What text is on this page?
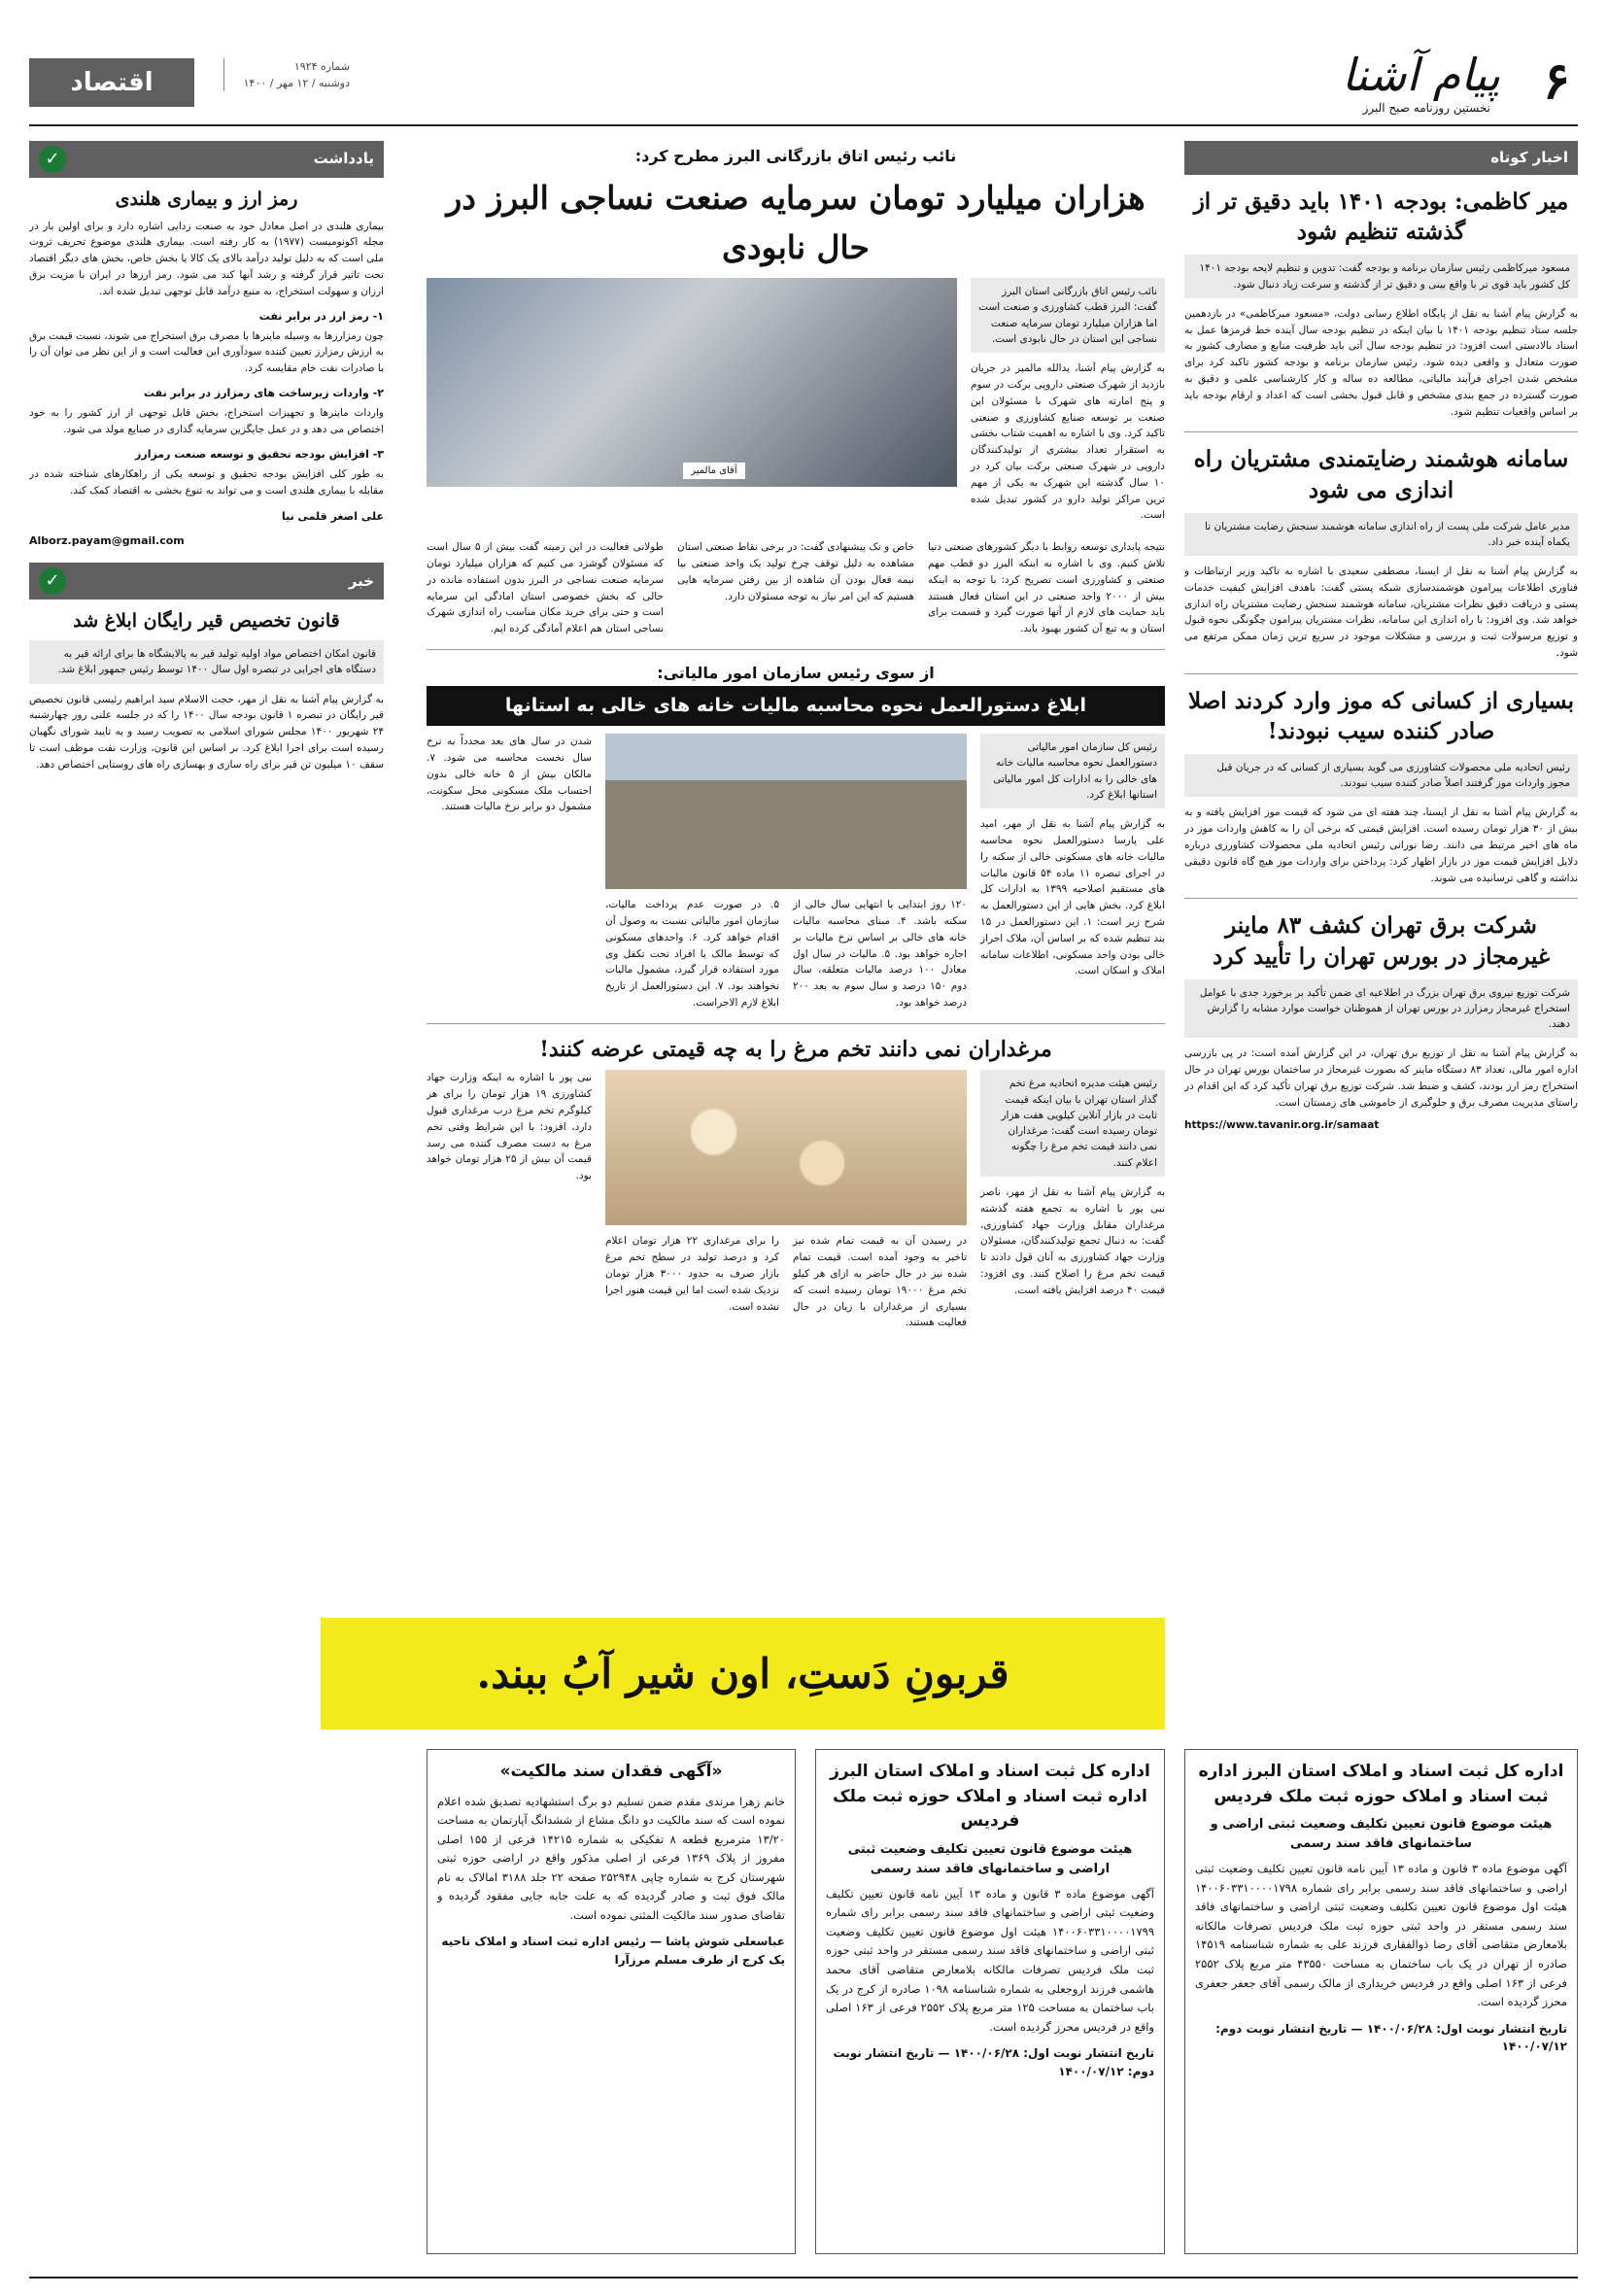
۶
پیام آشنا
نخستین روزنامه صبح البرز
شماره ۱۹۲۴
دوشنبه / ۱۲ مهر / ۱۴۰۰
اقتصاد
اخبار کوتاه
میر کاظمی: بودجه ۱۴۰۱ باید دقیق تر از گذشته تنظیم شود
مسعود میرکاظمی رئیس سازمان برنامه و بودجه گفت: تدوین و تنظیم لایحه بودجه ۱۴۰۱ کل کشور باید قوی تر با واقع بینی و دقیق تر از گذشته و سرعت زیاد دنبال شود.
به گزارش پیام آشنا به نقل از پایگاه اطلاع رسانی دولت، «مسعود میرکاظمی» در بازدهمین جلسه ستاد تنظیم بودجه ۱۴۰۱ با بیان اینکه در تنظیم بودجه سال آینده خط قرمزها عمل به اسناد بالادستی است افزود: در تنظیم بودجه سال آتی باید ظرفیت منابع و مصارف کشور به صورت متعادل و واقعی دیده شود. رئیس سازمان برنامه و بودجه کشور تاکید کرد برای مشخص شدن اجرای فرآیند مالیاتی، مطالعه ده ساله و کار کارشناسی علمی و دقیق به صورت گسترده در جمع بندی مشخص و قابل قبول بخشی است که اعداد و ارقام بودجه باید بر اساس واقعیات تنظیم شود.
سامانه هوشمند رضایتمندی مشتریان راه اندازی می شود
مدیر عامل شرکت ملی پست از راه اندازی سامانه هوشمند سنجش رضایت مشتریان تا یکماه آینده خبر داد.
به گزارش پیام آشنا به نقل از ایسنا، مصطفی سعیدی با اشاره به تاکید وزیر ارتباطات و فناوری اطلاعات پیرامون هوشمندسازی شبکه پستی گفت: باهدف افزایش کیفیت خدمات پستی و دریافت دقیق نظرات مشتریان، سامانه هوشمند سنجش رضایت مشتریان راه اندازی خواهد شد. وی افزود: با راه اندازی این سامانه، نظرات مشتریان پیرامون چگونگی نحوه قبول و توزیع مرسولات ثبت و بررسی و مشکلات موجود در سریع ترین زمان ممکن مرتفع می شود.
بسیاری از کسانی که موز وارد کردند اصلا صادر کننده سیب نبودند!
رئیس اتحادیه ملی محصولات کشاورزی می گوید بسیاری از کسانی که در جریان قبل مجوز واردات موز گرفتند اصلاً صادر کننده سیب نبودند.
به گزارش پیام آشنا به نقل از ایسنا، چند هفته ای می شود که قیمت موز افزایش یافته و به بیش از ۳۰ هزار تومان رسیده است. افزایش قیمتی که برخی آن را به کاهش واردات موز در ماه های اخیر مرتبط می دانند. رضا نورانی رئیس اتحادیه ملی محصولات کشاورزی درباره دلایل افزایش قیمت موز در بازار اظهار کرد: پرداختن برای واردات موز هیچ گاه قانون دقیقی نداشته و گاهی ترسانیده می شوند.
شرکت برق تهران کشف ۸۳ ماینر غیرمجاز در بورس تهران را تأیید کرد
شرکت توزیع نیروی برق تهران بزرگ در اطلاعیه ای ضمن تأکید بر برخورد جدی با عوامل استخراج غیرمجاز رمزارز در بورس تهران از هموطنان خواست موارد مشابه را گزارش دهند.
به گزارش پیام آشنا به نقل از توزیع برق تهران، در این گزارش آمده است: در پی بازرسی اداره امور مالی، تعداد ۸۳ دستگاه ماینر که بصورت غیرمجاز در ساختمان بورس تهران در حال استخراج رمز ارز بودند، کشف و ضبط شد. شرکت توزیع برق تهران تأکید کرد که این اقدام در راستای مدیریت مصرف برق و جلوگیری از خاموشی های زمستان است.
https://www.tavanir.org.ir/samaat
نائب رئیس اتاق بازرگانی البرز مطرح کرد:
هزاران میلیارد تومان سرمایه صنعت نساجی البرز در حال نابودی
نائب رئیس اتاق بازرگانی استان البرز گفت: البرز قطب کشاورزی و صنعت است اما هزاران میلیارد تومان سرمایه صنعت نساجی این استان در حال نابودی است.
به گزارش پیام آشنا، یدالله مالمیر در جریان بازدید از شهرک صنعتی داروپی برکت در سوم و پنج امارته های شهرک با مسئولان این صنعت بر توسعه صنایع کشاورزی و صنعتی تاکید کرد. وی با اشاره به اهمیت شتاب بخشی به استقرار تعداد بیشتری از تولیدکنندگان دارویی در شهرک صنعتی برکت بیان کرد در ۱۰ سال گذشته این شهرک به یکی از مهم ترین مراکز تولید دارو در کشور تبدیل شده است.
آقای مالمیر
نتیجه پایداری توسعه روابط با دیگر کشورهای صنعتی دنیا تلاش کنیم. وی با اشاره به اینکه البرز دو قطب مهم صنعتی و کشاورزی است تصریح کرد: با توجه به اینکه بیش از ۲۰۰۰ واحد صنعتی در این استان فعال هستند باید حمایت های لازم از آنها صورت گیرد و قسمت برای استان و به تبع آن کشور بهبود یابد.
خاص و نک پیشنهادی گفت: در برخی نقاط صنعتی استان مشاهده به دلیل توقف چرخ تولید یک واحد صنعتی بیا نیمه فعال بودن آن شاهده از بین رفتن سرمایه هایی هستیم که این امر نیاز به توجه مسئولان دارد.
طولانی فعالیت در این زمینه گفت بیش از ۵ سال است که مسئولان گوشزد می کنیم که هزاران میلیارد تومان سرمایه صنعت نساجی در البرز بدون استفاده مانده در حالی که بخش خصوصی استان امادگی این سرمایه است و حتی برای خرید مکان مناسب راه اندازی شهرک نساجی استان هم اعلام آمادگی کرده ایم.
از سوی رئیس سازمان امور مالیاتی:
ابلاغ دستورالعمل نحوه محاسبه مالیات خانه های خالی به استانها
رئیس کل سازمان امور مالیاتی دستورالعمل نحوه محاسبه مالیات خانه های خالی را به ادارات کل امور مالیاتی استانها ابلاغ کرد.
به گزارش پیام آشنا به نقل از مهر، امید علی پارسا دستورالعمل نحوه محاسبه مالیات خانه های مسکونی خالی از سکنه را در اجرای تبصره ۱۱ ماده ۵۴ قانون مالیات های مستقیم اصلاحیه ۱۳۹۹ به ادارات کل ابلاغ کرد. بخش هایی از این دستورالعمل به شرح زیر است: ۱. این دستورالعمل در ۱۵ بند تنظیم شده که بر اساس آن، ملاک احراز خالی بودن واحد مسکونی، اطلاعات سامانه املاک و اسکان است.
۱۲۰ روز ابتدایی یا انتهایی سال خالی از سکنه باشد. ۴. مبنای محاسبه مالیات خانه های خالی بر اساس نرخ مالیات بر اجاره خواهد بود. ۵. مالیات در سال اول معادل ۱۰۰ درصد مالیات متعلقه، سال دوم ۱۵۰ درصد و سال سوم به بعد ۲۰۰ درصد خواهد بود.
۵. در صورت عدم پرداخت مالیات، سازمان امور مالیاتی نسبت به وصول آن اقدام خواهد کرد. ۶. واحدهای مسکونی که توسط مالک یا افراد تحت تکفل وی مورد استفاده قرار گیرد، مشمول مالیات نخواهند بود. ۷. این دستورالعمل از تاریخ ابلاغ لازم الاجراست.
شدن در سال های بعد مجدداً به نرخ سال نخست محاسبه می شود. ۷. مالکان بیش از ۵ خانه خالی بدون احتساب ملک مسکونی محل سکونت، مشمول دو برابر نرخ مالیات هستند.
مرغداران نمی دانند تخم مرغ را به چه قیمتی عرضه کنند!
رئیس هیئت مدیره اتحادیه مرغ تخم گذار استان تهران با بیان اینکه قیمت ثابت در بازار آنلاین کیلویی هفت هزار تومان رسیده است گفت: مرغداران نمی دانند قیمت تخم مرغ را چگونه اعلام کنند.
به گزارش پیام آشنا به نقل از مهر، ناصر نبی پور با اشاره به تجمع هفته گذشته مرغداران مقابل وزارت جهاد کشاورزی، گفت: به دنبال تجمع تولیدکنندگان، مسئولان وزارت جهاد کشاورزی به آنان قول دادند تا قیمت تخم مرغ را اصلاح کنند. وی افزود: قیمت ۴۰ درصد افزایش یافته است.
در رسیدن آن به قیمت تمام شده نیز تاخیر به وجود آمده است. قیمت تمام شده نیز در حال حاضر به ازای هر کیلو تخم مرغ ۱۹۰۰۰ تومان رسیده است که بسیاری از مرغداران با زیان در حال فعالیت هستند.
را برای مرغداری ۲۲ هزار تومان اعلام کرد و درصد تولید در سطح تخم مرغ بازار صرف به حدود ۳۰۰۰ هزار تومان نزدیک شده است اما این قیمت هنوز اجرا نشده است.
نبی پور با اشاره به اینکه وزارت جهاد کشاورزی ۱۹ هزار تومان را برای هر کیلوگرم تخم مرغ درب مرغداری قبول دارد، افزود: با این شرایط وقتی تخم مرغ به دست مصرف کننده می رسد قیمت آن بیش از ۲۵ هزار تومان خواهد بود.
قربونِ دَستِ، اون شیر آبُ ببند.
اداره کل ثبت اسناد و املاک استان البرز اداره ثبت اسناد و املاک حوزه ثبت ملک فردیس
هیئت موضوع قانون تعیین تکلیف وضعیت ثبتی اراضی و ساختمانهای فاقد سند رسمی
آگهی موضوع ماده ۳ قانون و ماده ۱۳ آیین نامه قانون تعیین تکلیف وضعیت ثبتی اراضی و ساختمانهای فاقد سند رسمی برابر رای شماره ۱۴۰۰۶۰۳۳۱۰۰۰۰۱۷۹۸ هیئت اول موضوع قانون تعیین تکلیف وضعیت ثبتی اراضی و ساختمانهای فاقد سند رسمی مستقر در واحد ثبتی حوزه ثبت ملک فردیس تصرفات مالکانه بلامعارض متقاضی آقای رضا ذوالفقاری فرزند علی به شماره شناسنامه ۱۴۵۱۹ صادره از تهران در یک باب ساختمان به مساحت ۴۳۵۵۰ متر مربع پلاک ۲۵۵۲ فرعی از ۱۶۳ اصلی واقع در فردیس خریداری از مالک رسمی آقای جعفر جعفری محرز گردیده است.
تاریخ انتشار نوبت اول: ۱۴۰۰/۰۶/۲۸ — تاریخ انتشار نوبت دوم: ۱۴۰۰/۰۷/۱۲
اداره کل ثبت اسناد و املاک استان البرز اداره ثبت اسناد و املاک حوزه ثبت ملک فردیس
هیئت موضوع قانون تعیین تکلیف وضعیت ثبتی اراضی و ساختمانهای فاقد سند رسمی
آگهی موضوع ماده ۳ قانون و ماده ۱۳ آیین نامه قانون تعیین تکلیف وضعیت ثبتی اراضی و ساختمانهای فاقد سند رسمی برابر رای شماره ۱۴۰۰۶۰۳۳۱۰۰۰۰۱۷۹۹ هیئت اول موضوع قانون تعیین تکلیف وضعیت ثبتی اراضی و ساختمانهای فاقد سند رسمی مستقر در واحد ثبتی حوزه ثبت ملک فردیس تصرفات مالکانه بلامعارض متقاضی آقای محمد هاشمی فرزند اروجعلی به شماره شناسنامه ۱۰۹۸ صادره از کرج در یک باب ساختمان به مساحت ۱۲۵ متر مربع پلاک ۲۵۵۲ فرعی از ۱۶۳ اصلی واقع در فردیس محرز گردیده است.
تاریخ انتشار نوبت اول: ۱۴۰۰/۰۶/۲۸ — تاریخ انتشار نوبت دوم: ۱۴۰۰/۰۷/۱۲
«آگهی فقدان سند مالکیت»
خانم زهرا مرندی مقدم ضمن تسلیم دو برگ استشهادیه تصدیق شده اعلام نموده است که سند مالکیت دو دانگ مشاع از ششدانگ آپارتمان به مساحت ۱۳/۲۰ مترمربع قطعه ۸ تفکیکی به شماره ۱۴۲۱۵ فرعی از ۱۵۵ اصلی مفروز از پلاک ۱۳۶۹ فرعی از اصلی مذکور واقع در اراضی حوزه ثبتی شهرستان کرج به شماره چاپی ۲۵۲۹۴۸ صفحه ۲۲ جلد ۳۱۸۸ امالاک به نام مالک فوق ثبت و صادر گردیده که به علت جابه جایی مفقود گردیده و تقاضای صدور سند مالکیت المثنی نموده است.
عباسعلی شوش پاشا — رئیس اداره ثبت اسناد و املاک ناحیه یک کرج از طرف مسلم مرزآرا
یادداشت
✓
رمز ارز و بیماری هلندی
بیماری هلندی در اصل معادل خود به صنعت زدایی اشاره دارد و برای اولین بار در مجله اکونومیست (۱۹۷۷) به کار رفته است. بیماری هلندی موضوع تحریف ثروت ملی است که به دلیل تولید درآمد بالای یک کالا یا بخش خاص، بخش های دیگر اقتصاد تحت تاثیر قرار گرفته و رشد آنها کند می شود. رمز ارزها در ایران با مزیت برق ارزان و سهولت استخراج، به منبع درآمد قابل توجهی تبدیل شده اند.
۱- رمز ارز در برابر نفت
چون رمزارزها به وسیله ماینرها با مصرف برق استخراج می شوند، نسبت قیمت برق به ارزش رمزارز تعیین کننده سودآوری این فعالیت است و از این نظر می توان آن را با صادرات نفت خام مقایسه کرد.
۲- واردات زیرساخت های رمزارز در برابر نفت
واردات ماینرها و تجهیزات استخراج، بخش قابل توجهی از ارز کشور را به خود اختصاص می دهد و در عمل جایگزین سرمایه گذاری در صنایع مولد می شود.
۳- افزایش بودجه تحقیق و توسعه صنعت رمزارز
به طور کلی افزایش بودجه تحقیق و توسعه یکی از راهکارهای شناخته شده در مقابله با بیماری هلندی است و می تواند به تنوع بخشی به اقتصاد کمک کند.
علی اصغر قلمی نیا
Alborz.payam@gmail.com
خبر
✓
قانون تخصیص قیر رایگان ابلاغ شد
قانون امکان اختصاص مواد اولیه تولید قیر به پالایشگاه ها برای ارائه قیر به دستگاه های اجرایی در تبصره اول سال ۱۴۰۰ توسط رئیس جمهور ابلاغ شد.
به گزارش پیام آشنا به نقل از مهر، حجت الاسلام سید ابراهیم رئیسی قانون تخصیص قیر رایگان در تبصره ۱ قانون بودجه سال ۱۴۰۰ را که در جلسه علنی روز چهارشنبه ۲۴ شهریور ۱۴۰۰ مجلس شورای اسلامی به تصویب رسید و به تایید شورای نگهبان رسیده است برای اجرا ابلاغ کرد. بر اساس این قانون، وزارت نفت موظف است تا سقف ۱۰ میلیون تن قیر برای راه سازی و بهسازی راه های روستایی اختصاص دهد.
